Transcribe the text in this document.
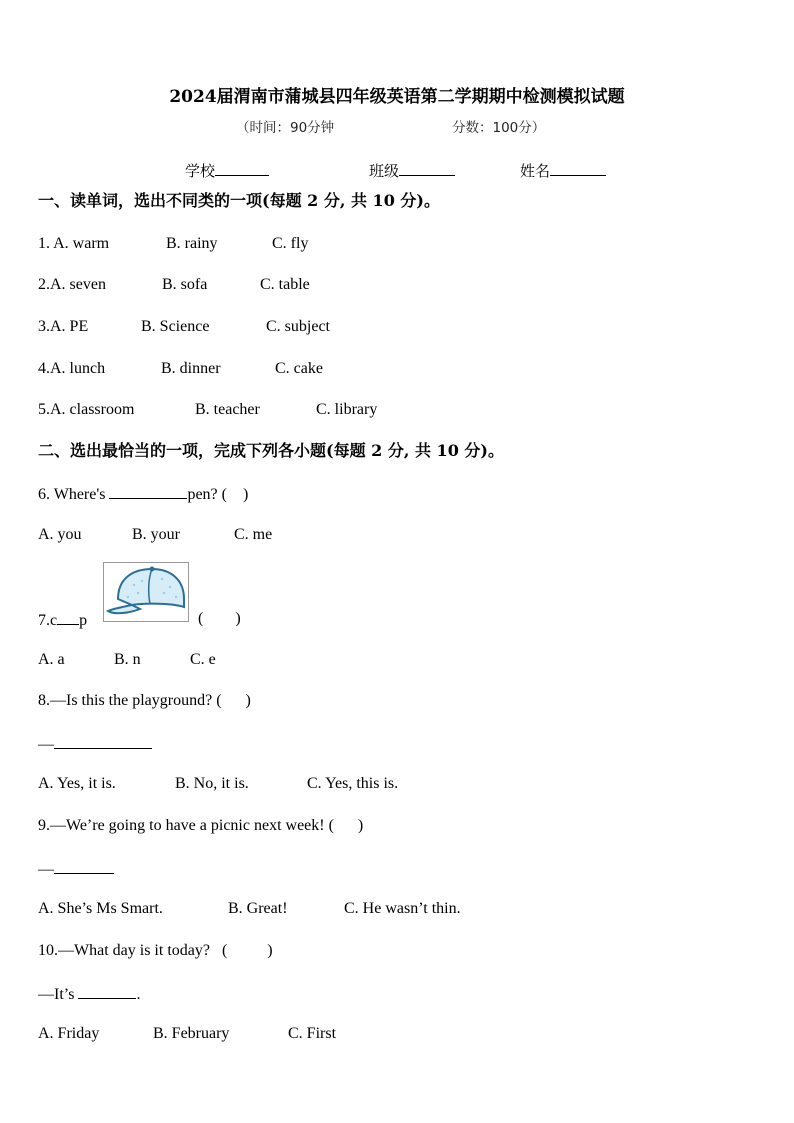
2024届渭南市蒲城县四年级英语第二学期期中检测模拟试题
（时间：90分钟	分数：100分）
学校	班级	姓名
一、读单词，选出不同类的一项(每题 2 分, 共 10 分)。
1. A. warm	B. rainy	C. fly
2.A. seven	B. sofa	C. table
3.A. PE	B. Science	C. subject
4.A. lunch	B. dinner	C. cake
5.A. classroom	B. teacher	C. library
二、选出最恰当的一项，完成下列各小题(每题 2 分, 共 10 分)。
6. Where's	pen? (    )
A. you	B. your	C. me
7.c p	(        )
A. a	B. n	C. e
8.—Is this the playground? (      )
—
A. Yes, it is.	B. No, it is.	C. Yes, this is.
9.—We’re going to have a picnic next week! (      )
—
A. She’s Ms Smart.	B. Great!	C. He wasn’t thin.
10.—What day is it today?   (          )
—It’s	.
A. Friday	B. February	C. First
